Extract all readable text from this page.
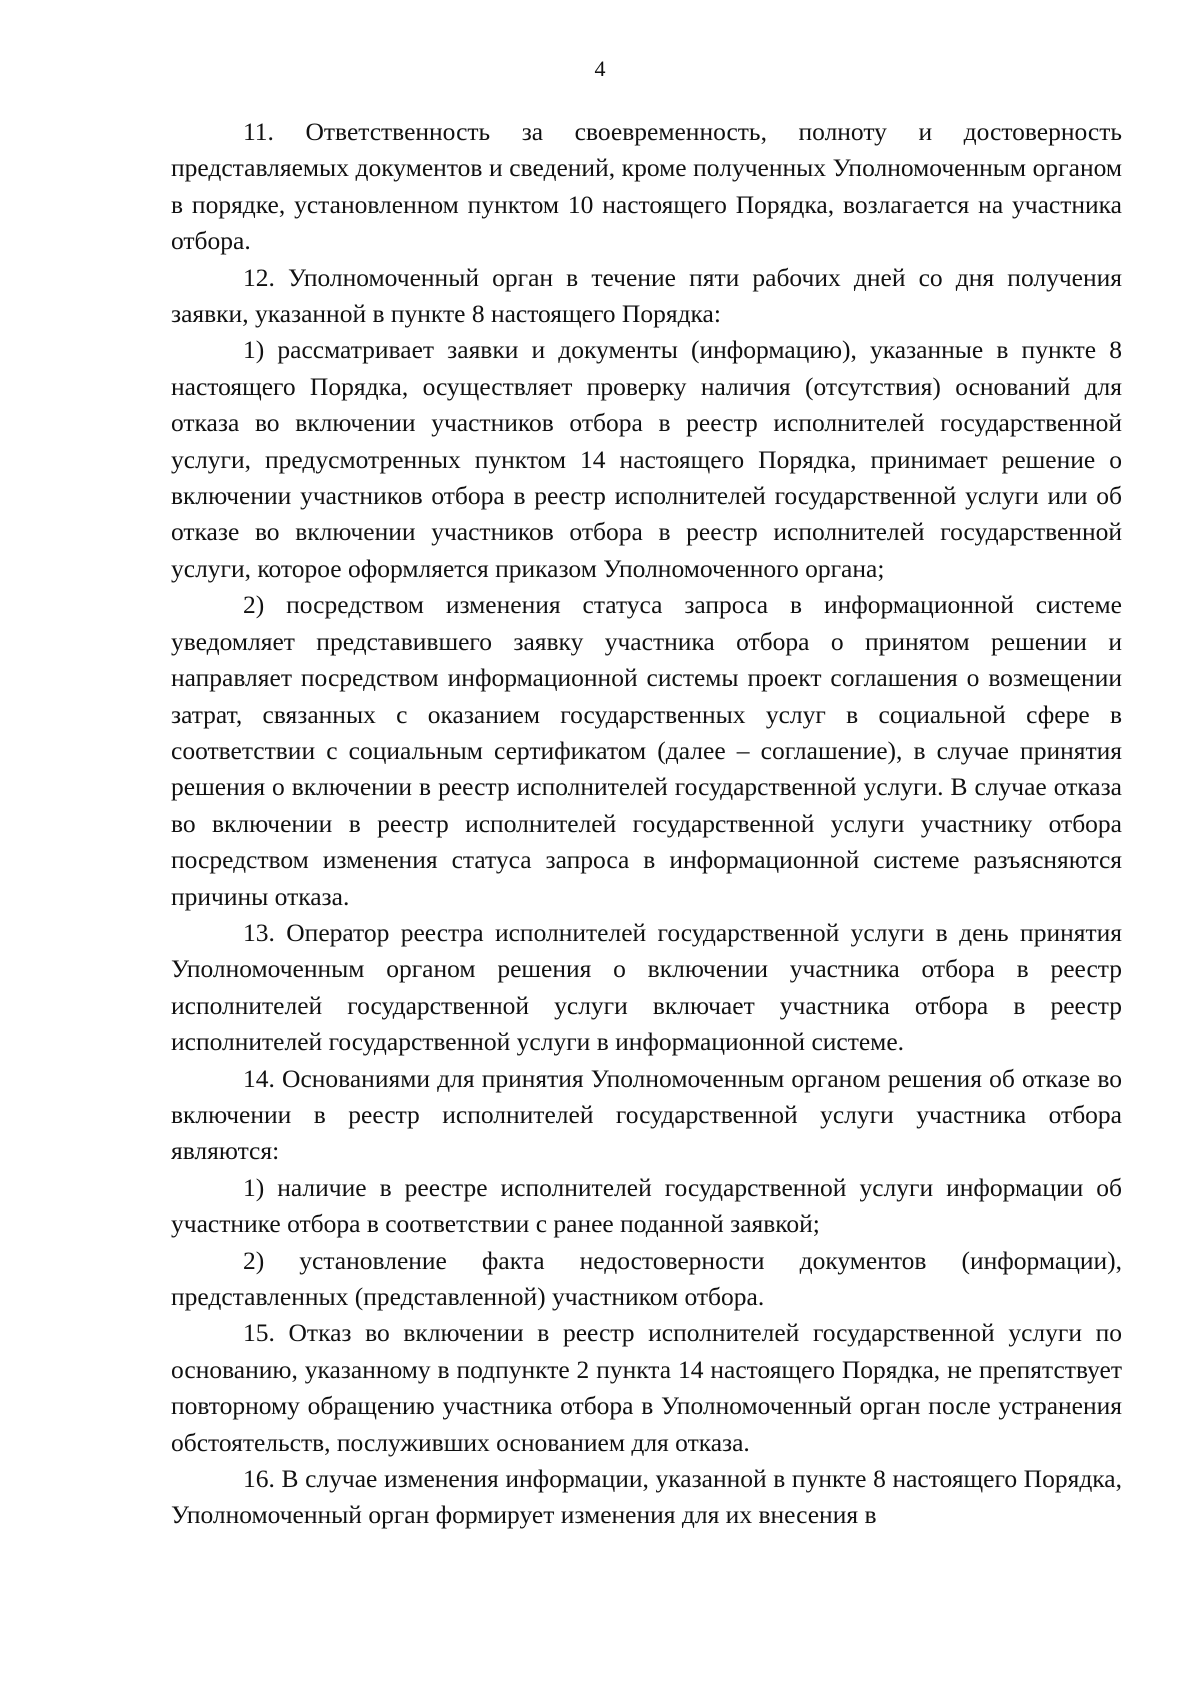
4

11. Ответственность за своевременность, полноту и достоверность представляемых документов и сведений, кроме полученных Уполномоченным органом в порядке, установленном пунктом 10 настоящего Порядка, возлагается на участника отбора.

12. Уполномоченный орган в течение пяти рабочих дней со дня получения заявки, указанной в пункте 8 настоящего Порядка:

1) рассматривает заявки и документы (информацию), указанные в пункте 8 настоящего Порядка, осуществляет проверку наличия (отсутствия) оснований для отказа во включении участников отбора в реестр исполнителей государственной услуги, предусмотренных пунктом 14 настоящего Порядка, принимает решение о включении участников отбора в реестр исполнителей государственной услуги или об отказе во включении участников отбора в реестр исполнителей государственной услуги, которое оформляется приказом Уполномоченного органа;

2) посредством изменения статуса запроса в информационной системе уведомляет представившего заявку участника отбора о принятом решении и направляет посредством информационной системы проект соглашения о возмещении затрат, связанных с оказанием государственных услуг в социальной сфере в соответствии с социальным сертификатом (далее – соглашение), в случае принятия решения о включении в реестр исполнителей государственной услуги. В случае отказа во включении в реестр исполнителей государственной услуги участнику отбора посредством изменения статуса запроса в информационной системе разъясняются причины отказа.

13. Оператор реестра исполнителей государственной услуги в день принятия Уполномоченным органом решения о включении участника отбора в реестр исполнителей государственной услуги включает участника отбора в реестр исполнителей государственной услуги в информационной системе.

14. Основаниями для принятия Уполномоченным органом решения об отказе во включении в реестр исполнителей государственной услуги участника отбора являются:

1) наличие в реестре исполнителей государственной услуги информации об участнике отбора в соответствии с ранее поданной заявкой;

2) установление факта недостоверности документов (информации), представленных (представленной) участником отбора.

15. Отказ во включении в реестр исполнителей государственной услуги по основанию, указанному в подпункте 2 пункта 14 настоящего Порядка, не препятствует повторному обращению участника отбора в Уполномоченный орган после устранения обстоятельств, послуживших основанием для отказа.

16. В случае изменения информации, указанной в пункте 8 настоящего Порядка, Уполномоченный орган формирует изменения для их внесения в
